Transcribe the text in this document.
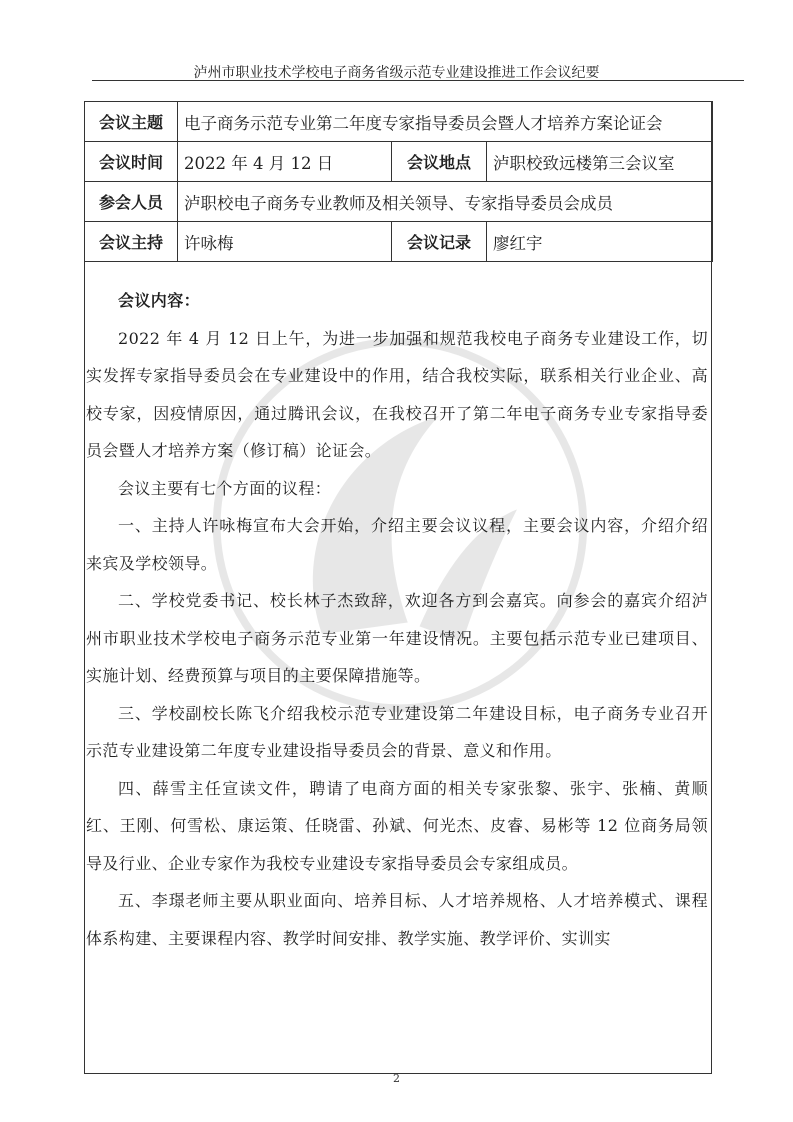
泸州市职业技术学校电子商务省级示范专业建设推进工作会议纪要
会议主题	电子商务示范专业第二年度专家指导委员会暨人才培养方案论证会		
会议时间	2022 年 4 月 12 日	会议地点	泸职校致远楼第三会议室
参会人员	泸职校电子商务专业教师及相关领导、专家指导委员会成员		
会议主持	许咏梅	会议记录	廖红宇
会议内容：

2022 年 4 月 12 日上午，为进一步加强和规范我校电子商务专业建设工作，切实发挥专家指导委员会在专业建设中的作用，结合我校实际，联系相关行业企业、高校专家，因疫情原因，通过腾讯会议，在我校召开了第二年电子商务专业专家指导委员会暨人才培养方案（修订稿）论证会。

会议主要有七个方面的议程：

一、主持人许咏梅宣布大会开始，介绍主要会议议程，主要会议内容，介绍介绍来宾及学校领导。

二、学校党委书记、校长林子杰致辞，欢迎各方到会嘉宾。向参会的嘉宾介绍泸州市职业技术学校电子商务示范专业第一年建设情况。主要包括示范专业已建项目、实施计划、经费预算与项目的主要保障措施等。

三、学校副校长陈飞介绍我校示范专业建设第二年建设目标，电子商务专业召开示范专业建设第二年度专业建设指导委员会的背景、意义和作用。

四、薛雪主任宣读文件，聘请了电商方面的相关专家张黎、张宇、张楠、黄顺红、王刚、何雪松、康运策、任晓雷、孙斌、何光杰、皮睿、易彬等 12 位商务局领导及行业、企业专家作为我校专业建设专家指导委员会专家组成员。

五、李璟老师主要从职业面向、培养目标、人才培养规格、人才培养模式、课程体系构建、主要课程内容、教学时间安排、教学实施、教学评价、实训实

2
